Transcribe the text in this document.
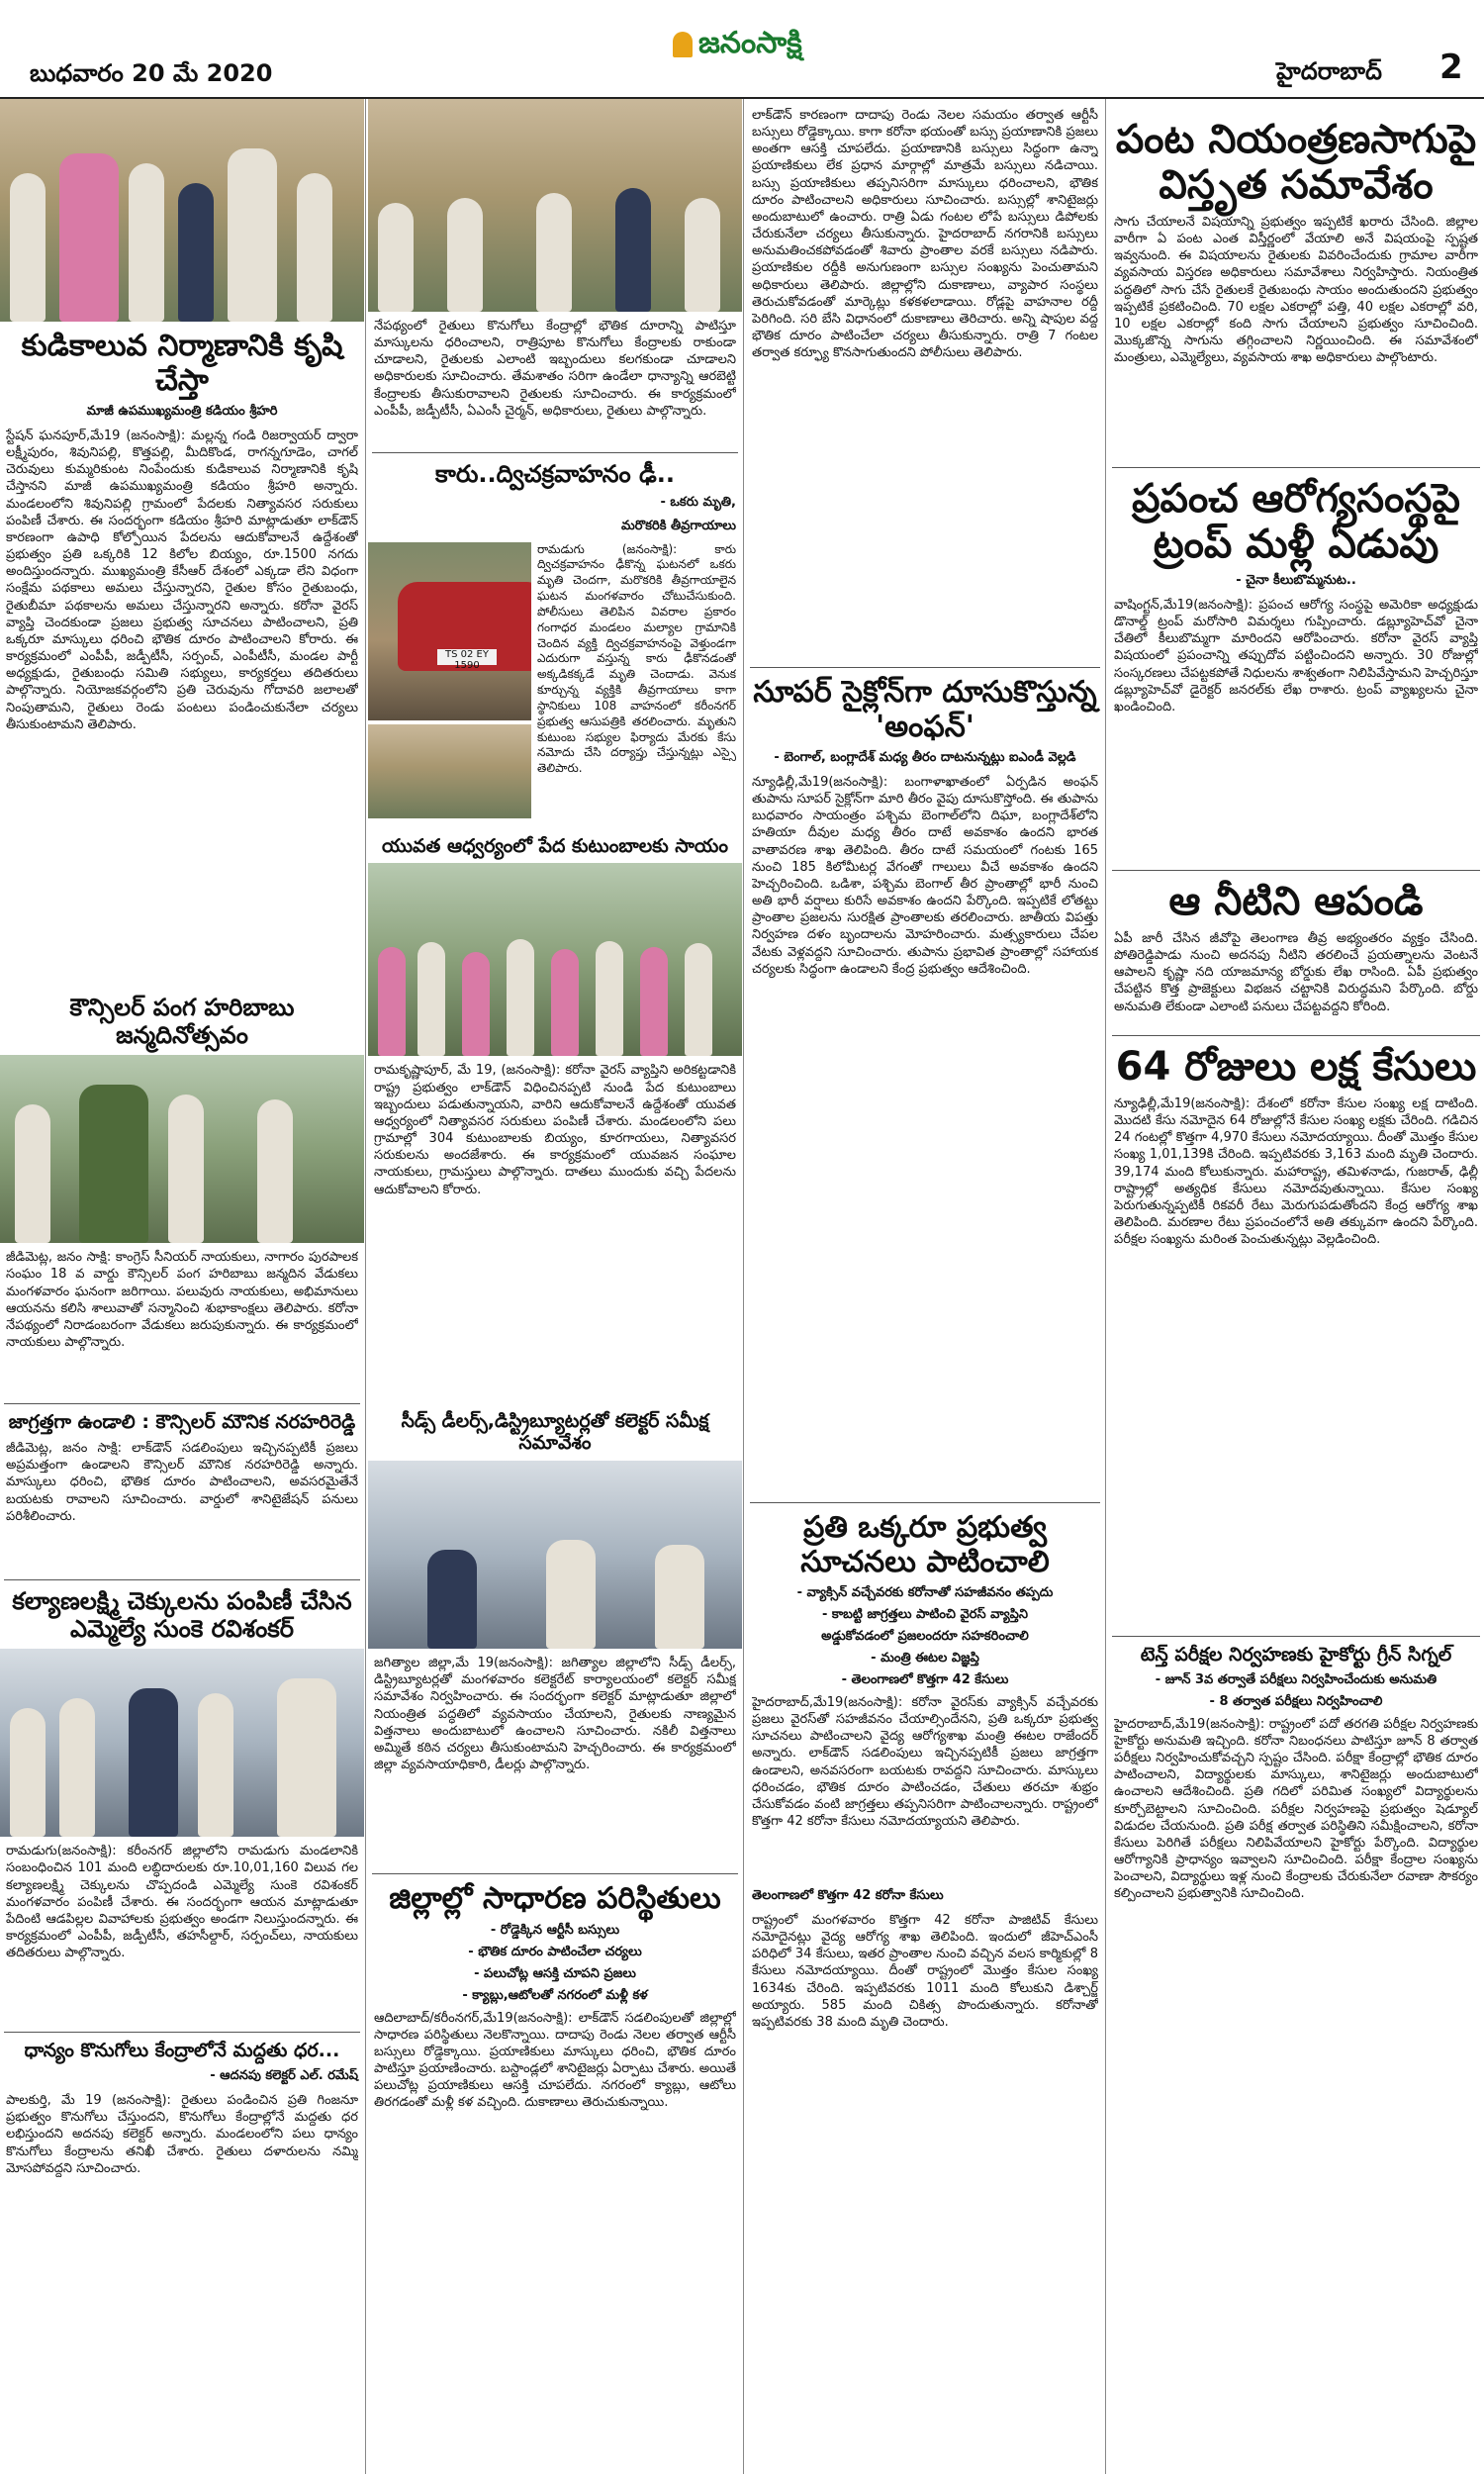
బుధవారం 20 మే 2020
జనంసాక్షి
హైదరాబాద్ 2
కుడికాలువ నిర్మాణానికి కృషి చేస్తా
మాజీ ఉపముఖ్యమంత్రి కడియం శ్రీహరి
స్టేషన్ ఘనపూర్,మే19 (జనంసాక్షి): మల్లన్న గండి రిజర్వాయర్ ద్వారా లక్ష్మీపురం, శివునిపల్లి, కొత్తపల్లి, మీదికొండ, రాగన్నగూడెం, చాగల్ చెరువులు కుమ్మరికుంట నింపేందుకు కుడికాలువ నిర్మాణానికి కృషి చేస్తానని మాజీ ఉపముఖ్యమంత్రి కడియం శ్రీహరి అన్నారు. మండలంలోని శివునిపల్లి గ్రామంలో పేదలకు నిత్యావసర సరుకులు పంపిణీ చేశారు. ఈ సందర్భంగా కడియం శ్రీహరి మాట్లాడుతూ లాక్‌డౌన్ కారణంగా ఉపాధి కోల్పోయిన పేదలను ఆదుకోవాలనే ఉద్దేశంతో ప్రభుత్వం ప్రతి ఒక్కరికి 12 కిలోల బియ్యం, రూ.1500 నగదు అందిస్తుందన్నారు. ముఖ్యమంత్రి కేసీఆర్ దేశంలో ఎక్కడా లేని విధంగా సంక్షేమ పథకాలు అమలు చేస్తున్నారని, రైతుల కోసం రైతుబంధు, రైతుబీమా పథకాలను అమలు చేస్తున్నారని అన్నారు. కరోనా వైరస్ వ్యాప్తి చెందకుండా ప్రజలు ప్రభుత్వ సూచనలు పాటించాలని, ప్రతి ఒక్కరూ మాస్కులు ధరించి భౌతిక దూరం పాటించాలని కోరారు. ఈ కార్యక్రమంలో ఎంపీపీ, జడ్పీటీసీ, సర్పంచ్, ఎంపీటీసీ, మండల పార్టీ అధ్యక్షుడు, రైతుబంధు సమితి సభ్యులు, కార్యకర్తలు తదితరులు పాల్గొన్నారు. నియోజకవర్గంలోని ప్రతి చెరువును గోదావరి జలాలతో నింపుతామని, రైతులు రెండు పంటలు పండించుకునేలా చర్యలు తీసుకుంటామని తెలిపారు.
కౌన్సిలర్ పంగ హరిబాబు జన్మదినోత్సవం
జీడిమెట్ల, జనం సాక్షి: కాంగ్రెస్ సీనియర్ నాయకులు, నాగారం పురపాలక సంఘం 18 వ వార్డు కౌన్సిలర్ పంగ హరిబాబు జన్మదిన వేడుకలు మంగళవారం ఘనంగా జరిగాయి. పలువురు నాయకులు, అభిమానులు ఆయనను కలిసి శాలువాతో సన్మానించి శుభాకాంక్షలు తెలిపారు. కరోనా నేపథ్యంలో నిరాడంబరంగా వేడుకలు జరుపుకున్నారు. ఈ కార్యక్రమంలో నాయకులు పాల్గొన్నారు.
జాగ్రత్తగా ఉండాలి : కౌన్సిలర్ మౌనిక నరహరిరెడ్డి
జీడిమెట్ల, జనం సాక్షి: లాక్‌డౌన్ సడలింపులు ఇచ్చినప్పటికీ ప్రజలు అప్రమత్తంగా ఉండాలని కౌన్సిలర్ మౌనిక నరహరిరెడ్డి అన్నారు. మాస్కులు ధరించి, భౌతిక దూరం పాటించాలని, అవసరమైతేనే బయటకు రావాలని సూచించారు. వార్డులో శానిటైజేషన్ పనులు పరిశీలించారు.
కల్యాణలక్ష్మి చెక్కులను పంపిణీ చేసిన ఎమ్మెల్యే సుంకె రవిశంకర్
రామడుగు(జనంసాక్షి): కరీంనగర్ జిల్లాలోని రామడుగు మండలానికి సంబంధించిన 101 మంది లబ్ధిదారులకు రూ.10,01,160 విలువ గల కల్యాణలక్ష్మి చెక్కులను చొప్పదండి ఎమ్మెల్యే సుంకె రవిశంకర్ మంగళవారం పంపిణీ చేశారు. ఈ సందర్భంగా ఆయన మాట్లాడుతూ పేదింటి ఆడపిల్లల వివాహాలకు ప్రభుత్వం అండగా నిలుస్తుందన్నారు. ఈ కార్యక్రమంలో ఎంపీపీ, జడ్పీటీసీ, తహసీల్దార్, సర్పంచ్‌లు, నాయకులు తదితరులు పాల్గొన్నారు.
ధాన్యం కొనుగోలు కేంద్రాలోనే మద్దతు ధర...
- ఆదనపు కలెక్టర్ ఎల్. రమేష్
పాలకుర్తి, మే 19 (జనంసాక్షి): రైతులు పండించిన ప్రతి గింజనూ ప్రభుత్వం కొనుగోలు చేస్తుందని, కొనుగోలు కేంద్రాల్లోనే మద్దతు ధర లభిస్తుందని అదనపు కలెక్టర్ అన్నారు. మండలంలోని పలు ధాన్యం కొనుగోలు కేంద్రాలను తనిఖీ చేశారు. రైతులు దళారులను నమ్మి మోసపోవద్దని సూచించారు.
నేపథ్యంలో రైతులు కొనుగోలు కేంద్రాల్లో భౌతిక దూరాన్ని పాటిస్తూ మాస్కులను ధరించాలని, రాత్రిపూట కొనుగోలు కేంద్రాలకు రాకుండా చూడాలని, రైతులకు ఎలాంటి ఇబ్బందులు కలగకుండా చూడాలని అధికారులకు సూచించారు. తేమశాతం సరిగా ఉండేలా ధాన్యాన్ని ఆరబెట్టి కేంద్రాలకు తీసుకురావాలని రైతులకు సూచించారు. ఈ కార్యక్రమంలో ఎంపీపీ, జడ్పీటీసీ, ఏఎంసీ చైర్మన్, అధికారులు, రైతులు పాల్గొన్నారు.
కారు..ద్విచక్రవాహనం ఢీ..
- ఒకరు మృతి,
మరొకరికి తీవ్రగాయాలు
TS 02 EY 1590
రామడుగు (జనంసాక్షి): కారు ద్విచక్రవాహనం ఢీకొన్న ఘటనలో ఒకరు మృతి చెందగా, మరొకరికి తీవ్రగాయాలైన ఘటన మంగళవారం చోటుచేసుకుంది. పోలీసులు తెలిపిన వివరాల ప్రకారం గంగాధర మండలం మల్యాల గ్రామానికి చెందిన వ్యక్తి ద్విచక్రవాహనంపై వెళ్తుండగా ఎదురుగా వస్తున్న కారు ఢీకొనడంతో అక్కడికక్కడే మృతి చెందాడు. వెనుక కూర్చున్న వ్యక్తికి తీవ్రగాయాలు కాగా స్థానికులు 108 వాహనంలో కరీంనగర్ ప్రభుత్వ ఆసుపత్రికి తరలించారు. మృతుని కుటుంబ సభ్యుల ఫిర్యాదు మేరకు కేసు నమోదు చేసి దర్యాప్తు చేస్తున్నట్లు ఎస్సై తెలిపారు.
యువత ఆధ్వర్యంలో పేద కుటుంబాలకు సాయం
రామకృష్ణాపూర్, మే 19, (జనంసాక్షి): కరోనా వైరస్ వ్యాప్తిని అరికట్టడానికి రాష్ట్ర ప్రభుత్వం లాక్‌డౌన్ విధించినప్పటి నుండి పేద కుటుంబాలు ఇబ్బందులు పడుతున్నాయని, వారిని ఆదుకోవాలనే ఉద్దేశంతో యువత ఆధ్వర్యంలో నిత్యావసర సరుకులు పంపిణీ చేశారు. మండలంలోని పలు గ్రామాల్లో 304 కుటుంబాలకు బియ్యం, కూరగాయలు, నిత్యావసర సరుకులను అందజేశారు. ఈ కార్యక్రమంలో యువజన సంఘాల నాయకులు, గ్రామస్తులు పాల్గొన్నారు. దాతలు ముందుకు వచ్చి పేదలను ఆదుకోవాలని కోరారు.
సీడ్స్ డీలర్స్,డిస్ట్రిబ్యూటర్లతో కలెక్టర్ సమీక్ష సమావేశం
జగిత్యాల జిల్లా,మే 19(జనంసాక్షి): జగిత్యాల జిల్లాలోని సీడ్స్ డీలర్స్, డిస్ట్రిబ్యూటర్లతో మంగళవారం కలెక్టరేట్ కార్యాలయంలో కలెక్టర్ సమీక్ష సమావేశం నిర్వహించారు. ఈ సందర్భంగా కలెక్టర్ మాట్లాడుతూ జిల్లాలో నియంత్రిత పద్ధతిలో వ్యవసాయం చేయాలని, రైతులకు నాణ్యమైన విత్తనాలు అందుబాటులో ఉంచాలని సూచించారు. నకిలీ విత్తనాలు అమ్మితే కఠిన చర్యలు తీసుకుంటామని హెచ్చరించారు. ఈ కార్యక్రమంలో జిల్లా వ్యవసాయాధికారి, డీలర్లు పాల్గొన్నారు.
జిల్లాల్లో సాధారణ పరిస్థితులు
- రోడ్డెక్కిన ఆర్టీసీ బస్సులు
- భౌతిక దూరం పాటించేలా చర్యలు
- పలుచోట్ల ఆసక్తి చూపని ప్రజలు
- క్యాబ్లు,ఆటోలతో నగరంలో మళ్లీ కళ
ఆదిలాబాద్/కరీంనగర్,మే19(జనంసాక్షి): లాక్‌డౌన్ సడలింపులతో జిల్లాల్లో సాధారణ పరిస్థితులు నెలకొన్నాయి. దాదాపు రెండు నెలల తర్వాత ఆర్టీసీ బస్సులు రోడ్డెక్కాయి. ప్రయాణికులు మాస్కులు ధరించి, భౌతిక దూరం పాటిస్తూ ప్రయాణించారు. బస్టాండ్లలో శానిటైజర్లు ఏర్పాటు చేశారు. అయితే పలుచోట్ల ప్రయాణికులు ఆసక్తి చూపలేదు. నగరంలో క్యాబ్లు, ఆటోలు తిరగడంతో మళ్లీ కళ వచ్చింది. దుకాణాలు తెరుచుకున్నాయి.
లాక్‌డౌన్ కారణంగా దాదాపు రెండు నెలల సమయం తర్వాత ఆర్టీసీ బస్సులు రోడ్డెక్కాయి. కాగా కరోనా భయంతో బస్సు ప్రయాణానికి ప్రజలు అంతగా ఆసక్తి చూపలేదు. ప్రయాణానికి బస్సులు సిద్ధంగా ఉన్నా ప్రయాణికులు లేక ప్రధాన మార్గాల్లో మాత్రమే బస్సులు నడిచాయి. బస్సు ప్రయాణికులు తప్పనిసరిగా మాస్కులు ధరించాలని, భౌతిక దూరం పాటించాలని అధికారులు సూచించారు. బస్సుల్లో శానిటైజర్లు అందుబాటులో ఉంచారు. రాత్రి ఏడు గంటల లోపే బస్సులు డిపోలకు చేరుకునేలా చర్యలు తీసుకున్నారు. హైదరాబాద్ నగరానికి బస్సులు అనుమతించకపోవడంతో శివారు ప్రాంతాల వరకే బస్సులు నడిపారు. ప్రయాణికుల రద్దీకి అనుగుణంగా బస్సుల సంఖ్యను పెంచుతామని అధికారులు తెలిపారు. జిల్లాల్లోని దుకాణాలు, వ్యాపార సంస్థలు తెరుచుకోవడంతో మార్కెట్లు కళకళలాడాయి. రోడ్లపై వాహనాల రద్దీ పెరిగింది. సరి బేసి విధానంలో దుకాణాలు తెరిచారు. అన్ని షాపుల వద్ద భౌతిక దూరం పాటించేలా చర్యలు తీసుకున్నారు. రాత్రి 7 గంటల తర్వాత కర్ఫ్యూ కొనసాగుతుందని పోలీసులు తెలిపారు.
సూపర్ సైక్లోన్‌గా దూసుకొస్తున్న 'అంఫన్'
- బెంగాల్, బంగ్లాదేశ్ మధ్య తీరం దాటనున్నట్లు ఐఎండీ వెల్లడి
న్యూఢిల్లీ,మే19(జనంసాక్షి): బంగాళాఖాతంలో ఏర్పడిన అంఫన్ తుపాను సూపర్ సైక్లోన్‌గా మారి తీరం వైపు దూసుకొస్తోంది. ఈ తుపాను బుధవారం సాయంత్రం పశ్చిమ బెంగాల్‌లోని దిఘా, బంగ్లాదేశ్‌లోని హతియా దీవుల మధ్య తీరం దాటే అవకాశం ఉందని భారత వాతావరణ శాఖ తెలిపింది. తీరం దాటే సమయంలో గంటకు 165 నుంచి 185 కిలోమీటర్ల వేగంతో గాలులు వీచే అవకాశం ఉందని హెచ్చరించింది. ఒడిశా, పశ్చిమ బెంగాల్ తీర ప్రాంతాల్లో భారీ నుంచి అతి భారీ వర్షాలు కురిసే అవకాశం ఉందని పేర్కొంది. ఇప్పటికే లోతట్టు ప్రాంతాల ప్రజలను సురక్షిత ప్రాంతాలకు తరలించారు. జాతీయ విపత్తు నిర్వహణ దళం బృందాలను మోహరించారు. మత్స్యకారులు చేపల వేటకు వెళ్లవద్దని సూచించారు. తుపాను ప్రభావిత ప్రాంతాల్లో సహాయక చర్యలకు సిద్ధంగా ఉండాలని కేంద్ర ప్రభుత్వం ఆదేశించింది.
ప్రతి ఒక్కరూ ప్రభుత్వ సూచనలు పాటించాలి
- వ్యాక్సిన్ వచ్చేవరకు కరోనాతో సహజీవనం తప్పదు
- కాబట్టి జాగ్రత్తలు పాటించి వైరస్ వ్యాప్తిని
అడ్డుకోవడంలో ప్రజలందరూ సహకరించాలి
- మంత్రి ఈటల విజ్ఞప్తి
- తెలంగాణలో కొత్తగా 42 కేసులు
హైదరాబాద్,మే19(జనంసాక్షి): కరోనా వైరస్‌కు వ్యాక్సిన్ వచ్చేవరకు ప్రజలు వైరస్‌తో సహజీవనం చేయాల్సిందేనని, ప్రతి ఒక్కరూ ప్రభుత్వ సూచనలు పాటించాలని వైద్య ఆరోగ్యశాఖ మంత్రి ఈటల రాజేందర్ అన్నారు. లాక్‌డౌన్ సడలింపులు ఇచ్చినప్పటికీ ప్రజలు జాగ్రత్తగా ఉండాలని, అనవసరంగా బయటకు రావద్దని సూచించారు. మాస్కులు ధరించడం, భౌతిక దూరం పాటించడం, చేతులు తరచూ శుభ్రం చేసుకోవడం వంటి జాగ్రత్తలు తప్పనిసరిగా పాటించాలన్నారు. రాష్ట్రంలో కొత్తగా 42 కరోనా కేసులు నమోదయ్యాయని తెలిపారు.
తెలంగాణలో కొత్తగా 42 కరోనా కేసులు
రాష్ట్రంలో మంగళవారం కొత్తగా 42 కరోనా పాజిటివ్ కేసులు నమోదైనట్లు వైద్య ఆరోగ్య శాఖ తెలిపింది. ఇందులో జీహెచ్‌ఎంసీ పరిధిలో 34 కేసులు, ఇతర ప్రాంతాల నుంచి వచ్చిన వలస కార్మికుల్లో 8 కేసులు నమోదయ్యాయి. దీంతో రాష్ట్రంలో మొత్తం కేసుల సంఖ్య 1634కు చేరింది. ఇప్పటివరకు 1011 మంది కోలుకుని డిశ్చార్జ్ అయ్యారు. 585 మంది చికిత్స పొందుతున్నారు. కరోనాతో ఇప్పటివరకు 38 మంది మృతి చెందారు.
పంట నియంత్రణసాగుపై విస్తృత సమావేశం
సాగు చేయాలనే విషయాన్ని ప్రభుత్వం ఇప్పటికే ఖరారు చేసింది. జిల్లాల వారీగా ఏ పంట ఎంత విస్తీర్ణంలో వేయాలి అనే విషయంపై స్పష్టత ఇవ్వనుంది. ఈ విషయాలను రైతులకు వివరించేందుకు గ్రామాల వారీగా వ్యవసాయ విస్తరణ అధికారులు సమావేశాలు నిర్వహిస్తారు. నియంత్రిత పద్ధతిలో సాగు చేసే రైతులకే రైతుబంధు సాయం అందుతుందని ప్రభుత్వం ఇప్పటికే ప్రకటించింది. 70 లక్షల ఎకరాల్లో పత్తి, 40 లక్షల ఎకరాల్లో వరి, 10 లక్షల ఎకరాల్లో కంది సాగు చేయాలని ప్రభుత్వం సూచించింది. మొక్కజొన్న సాగును తగ్గించాలని నిర్ణయించింది. ఈ సమావేశంలో మంత్రులు, ఎమ్మెల్యేలు, వ్యవసాయ శాఖ అధికారులు పాల్గొంటారు.
ప్రపంచ ఆరోగ్యసంస్థపై ట్రంప్ మళ్లీ ఏడుపు
- చైనా కీలుబొమ్మనుట..
వాషింగ్టన్,మే19(జనంసాక్షి): ప్రపంచ ఆరోగ్య సంస్థపై అమెరికా అధ్యక్షుడు డొనాల్డ్ ట్రంప్ మరోసారి విమర్శలు గుప్పించారు. డబ్ల్యూహెచ్‌వో చైనా చేతిలో కీలుబొమ్మగా మారిందని ఆరోపించారు. కరోనా వైరస్ వ్యాప్తి విషయంలో ప్రపంచాన్ని తప్పుదోవ పట్టించిందని అన్నారు. 30 రోజుల్లో సంస్కరణలు చేపట్టకపోతే నిధులను శాశ్వతంగా నిలిపివేస్తామని హెచ్చరిస్తూ డబ్ల్యూహెచ్‌వో డైరెక్టర్ జనరల్‌కు లేఖ రాశారు. ట్రంప్ వ్యాఖ్యలను చైనా ఖండించింది.
ఆ నీటిని ఆపండి
ఏపీ జారీ చేసిన జీవోపై తెలంగాణ తీవ్ర అభ్యంతరం వ్యక్తం చేసింది. పోతిరెడ్డిపాడు నుంచి అదనపు నీటిని తరలించే ప్రయత్నాలను వెంటనే ఆపాలని కృష్ణా నది యాజమాన్య బోర్డుకు లేఖ రాసింది. ఏపీ ప్రభుత్వం చేపట్టిన కొత్త ప్రాజెక్టులు విభజన చట్టానికి విరుద్ధమని పేర్కొంది. బోర్డు అనుమతి లేకుండా ఎలాంటి పనులు చేపట్టవద్దని కోరింది.
64 రోజులు లక్ష కేసులు
న్యూఢిల్లీ,మే19(జనంసాక్షి): దేశంలో కరోనా కేసుల సంఖ్య లక్ష దాటింది. మొదటి కేసు నమోదైన 64 రోజుల్లోనే కేసుల సంఖ్య లక్షకు చేరింది. గడిచిన 24 గంటల్లో కొత్తగా 4,970 కేసులు నమోదయ్యాయి. దీంతో మొత్తం కేసుల సంఖ్య 1,01,139కి చేరింది. ఇప్పటివరకు 3,163 మంది మృతి చెందారు. 39,174 మంది కోలుకున్నారు. మహారాష్ట్ర, తమిళనాడు, గుజరాత్, ఢిల్లీ రాష్ట్రాల్లో అత్యధిక కేసులు నమోదవుతున్నాయి. కేసుల సంఖ్య పెరుగుతున్నప్పటికీ రికవరీ రేటు మెరుగుపడుతోందని కేంద్ర ఆరోగ్య శాఖ తెలిపింది. మరణాల రేటు ప్రపంచంలోనే అతి తక్కువగా ఉందని పేర్కొంది. పరీక్షల సంఖ్యను మరింత పెంచుతున్నట్లు వెల్లడించింది.
టెన్త్ పరీక్షల నిర్వహణకు హైకోర్టు గ్రీన్ సిగ్నల్
- జూన్ 3వ తర్వాతే పరీక్షలు నిర్వహించేందుకు అనుమతి
- 8 తర్వాత పరీక్షలు నిర్వహించాలి
హైదరాబాద్,మే19(జనంసాక్షి): రాష్ట్రంలో పదో తరగతి పరీక్షల నిర్వహణకు హైకోర్టు అనుమతి ఇచ్చింది. కరోనా నిబంధనలు పాటిస్తూ జూన్ 8 తర్వాత పరీక్షలు నిర్వహించుకోవచ్చని స్పష్టం చేసింది. పరీక్షా కేంద్రాల్లో భౌతిక దూరం పాటించాలని, విద్యార్థులకు మాస్కులు, శానిటైజర్లు అందుబాటులో ఉంచాలని ఆదేశించింది. ప్రతి గదిలో పరిమిత సంఖ్యలో విద్యార్థులను కూర్చోబెట్టాలని సూచించింది. పరీక్షల నిర్వహణపై ప్రభుత్వం షెడ్యూల్ విడుదల చేయనుంది. ప్రతి పరీక్ష తర్వాత పరిస్థితిని సమీక్షించాలని, కరోనా కేసులు పెరిగితే పరీక్షలు నిలిపివేయాలని హైకోర్టు పేర్కొంది. విద్యార్థుల ఆరోగ్యానికి ప్రాధాన్యం ఇవ్వాలని సూచించింది. పరీక్షా కేంద్రాల సంఖ్యను పెంచాలని, విద్యార్థులు ఇళ్ల నుంచి కేంద్రాలకు చేరుకునేలా రవాణా సౌకర్యం కల్పించాలని ప్రభుత్వానికి సూచించింది.
